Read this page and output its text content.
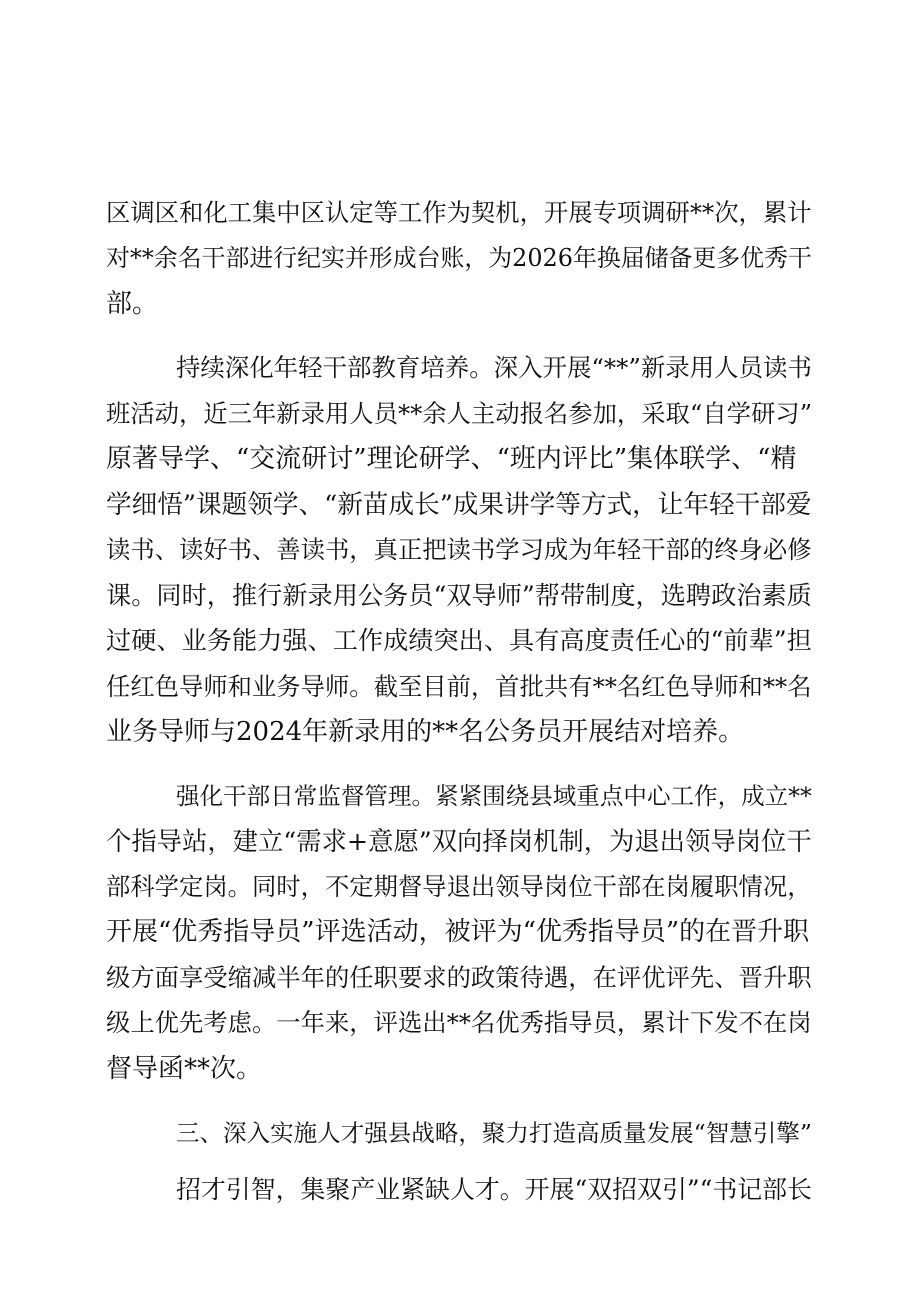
区调区和化工集中区认定等工作为契机，开展专项调研**次，累计
对**余名干部进行纪实并形成台账，为2026年换届储备更多优秀干
部。
持续深化年轻干部教育培养。深入开展“**”新录用人员读书
班活动，近三年新录用人员**余人主动报名参加，采取“自学研习”
原著导学、“交流研讨”理论研学、“班内评比”集体联学、“精
学细悟”课题领学、“新苗成长”成果讲学等方式，让年轻干部爱
读书、读好书、善读书，真正把读书学习成为年轻干部的终身必修
课。同时，推行新录用公务员“双导师”帮带制度，选聘政治素质
过硬、业务能力强、工作成绩突出、具有高度责任心的“前辈”担
任红色导师和业务导师。截至目前，首批共有**名红色导师和**名
业务导师与2024年新录用的**名公务员开展结对培养。
强化干部日常监督管理。紧紧围绕县域重点中心工作，成立**
个指导站，建立“需求+意愿”双向择岗机制，为退出领导岗位干
部科学定岗。同时，不定期督导退出领导岗位干部在岗履职情况，
开展“优秀指导员”评选活动，被评为“优秀指导员”的在晋升职
级方面享受缩减半年的任职要求的政策待遇，在评优评先、晋升职
级上优先考虑。一年来，评选出**名优秀指导员，累计下发不在岗
督导函**次。
三、深入实施人才强县战略，聚力打造高质量发展“智慧引擎”
招才引智，集聚产业紧缺人才。开展“双招双引”“书记部长
